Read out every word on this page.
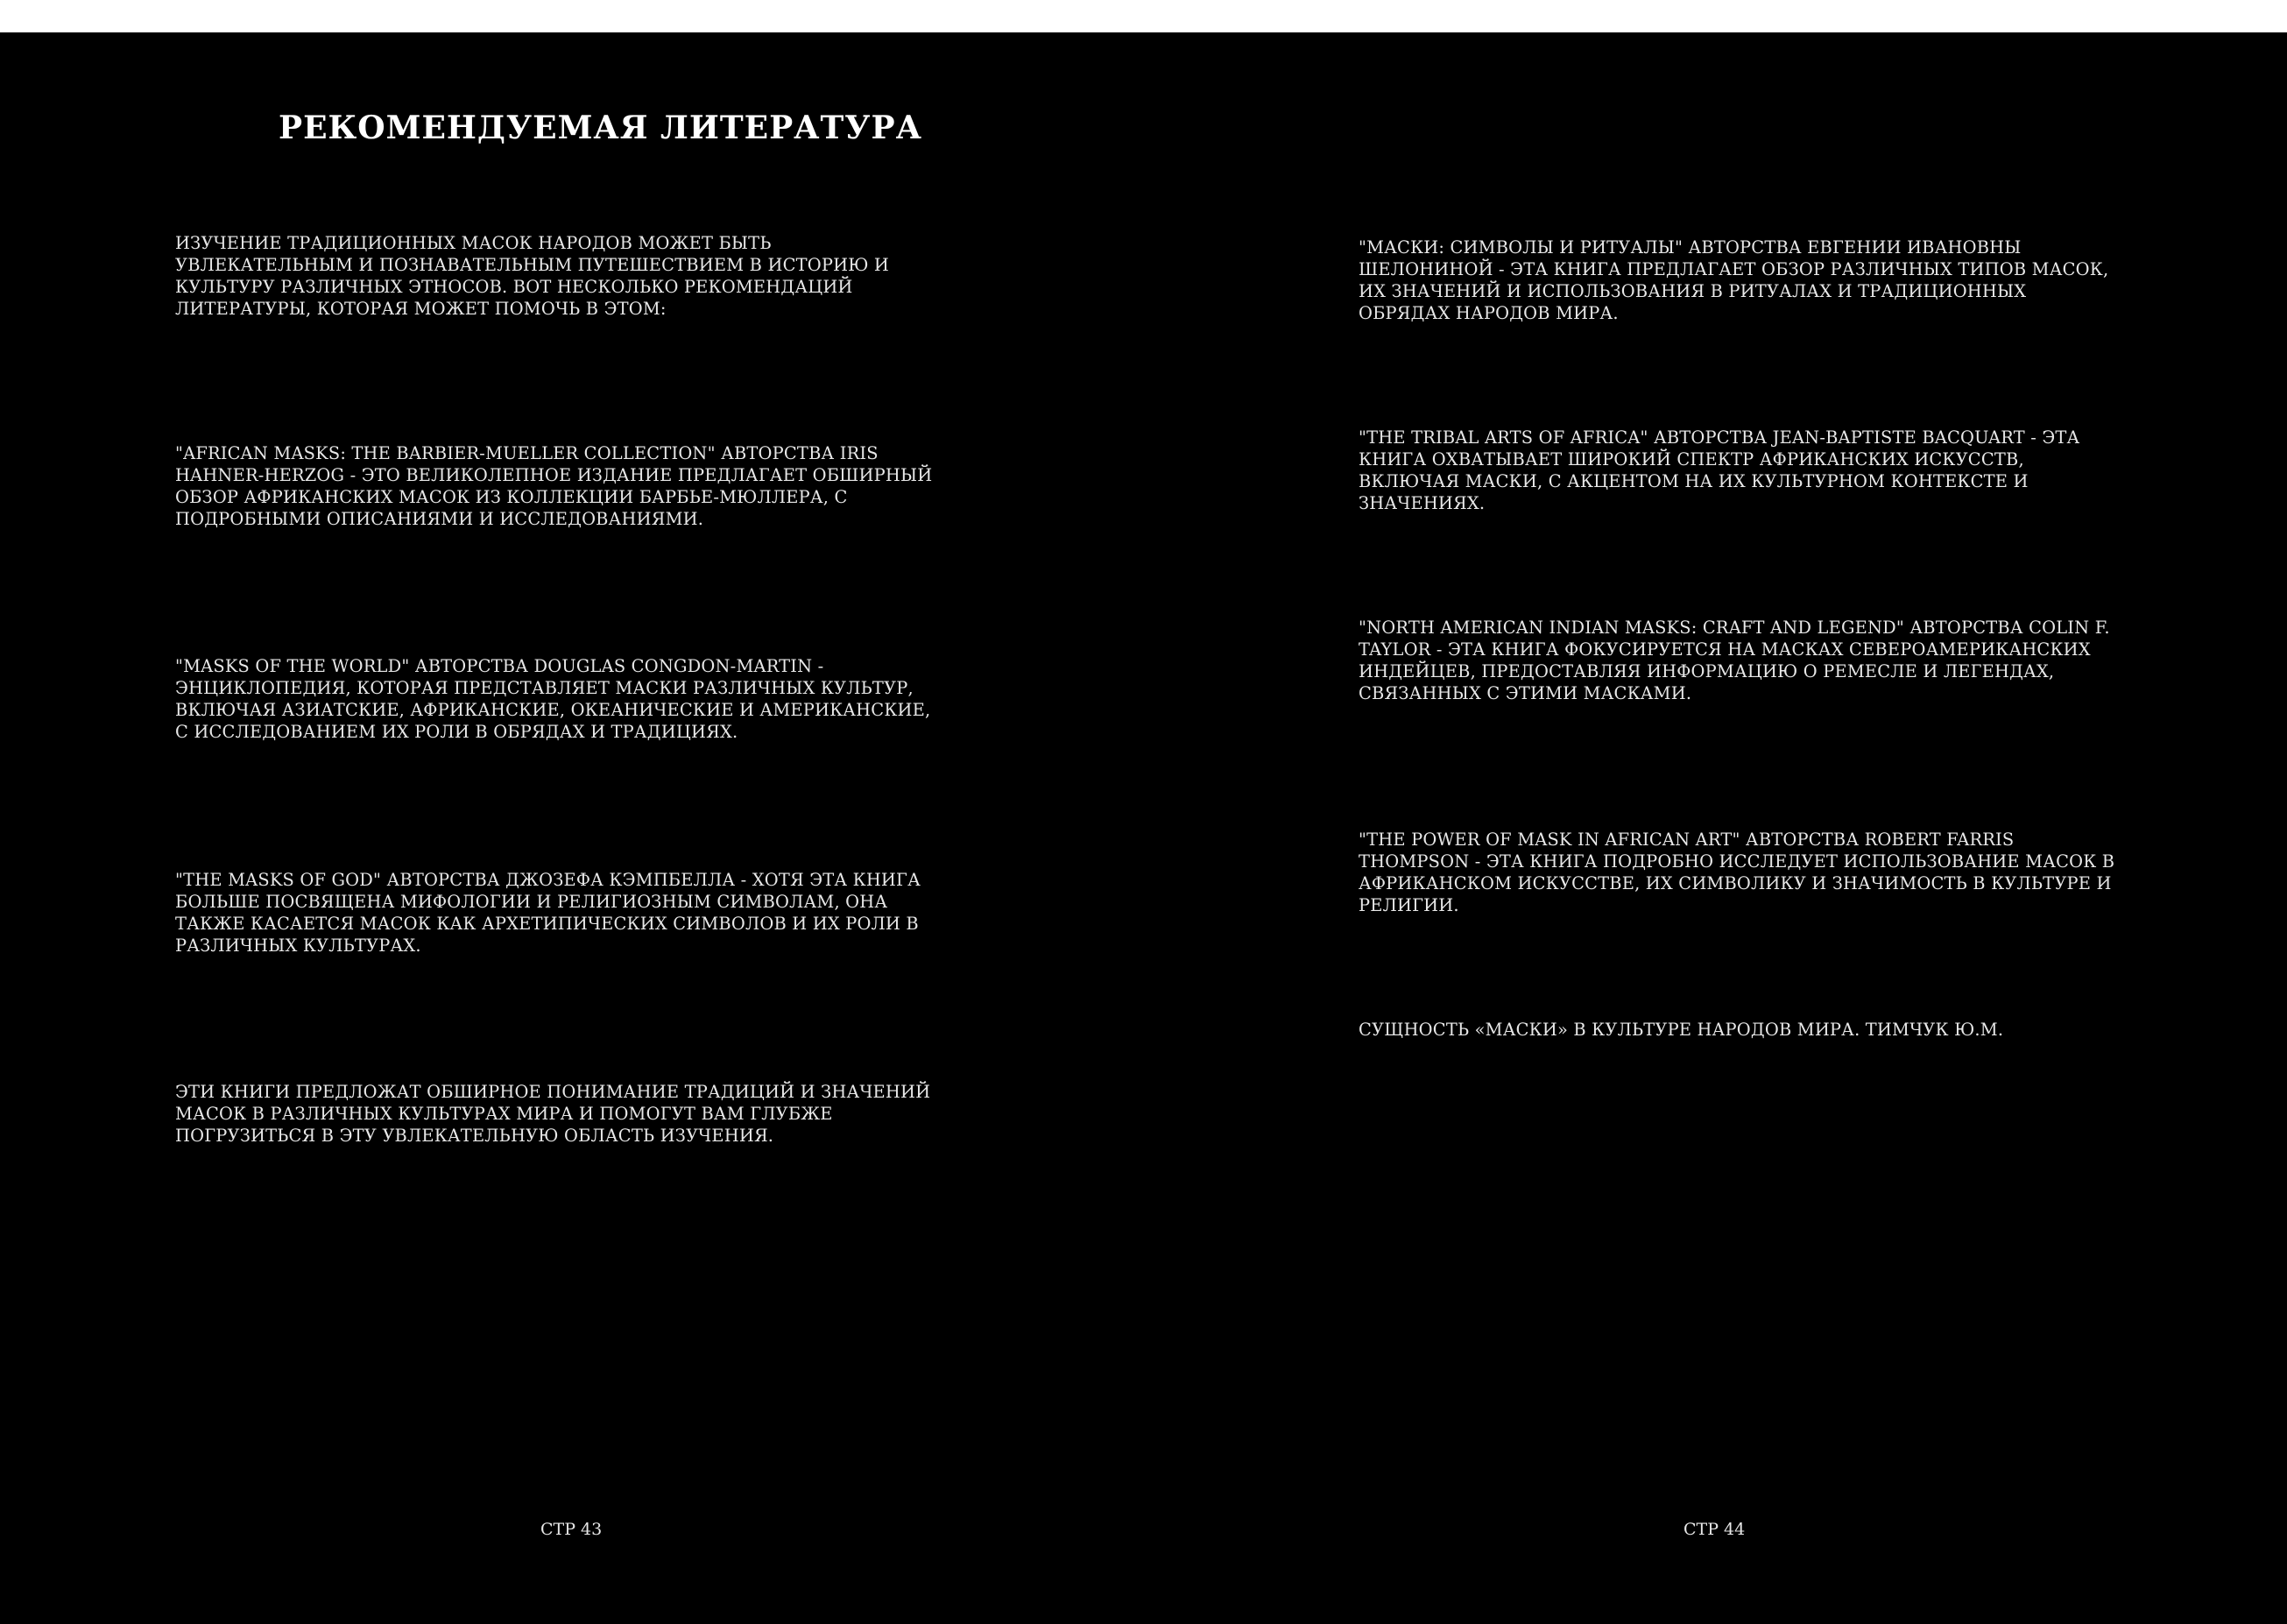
РЕКОМЕНДУЕМАЯ ЛИТЕРАТУРА

ИЗУЧЕНИЕ ТРАДИЦИОННЫХ МАСОК НАРОДОВ МОЖЕТ БЫТЬ УВЛЕКАТЕЛЬНЫМ И ПОЗНАВАТЕЛЬНЫМ ПУТЕШЕСТВИЕМ В ИСТОРИЮ И КУЛЬТУРУ РАЗЛИЧНЫХ ЭТНОСОВ. ВОТ НЕСКОЛЬКО РЕКОМЕНДАЦИЙ ЛИТЕРАТУРЫ, КОТОРАЯ МОЖЕТ ПОМОЧЬ В ЭТОМ:

"AFRICAN MASKS: THE BARBIER-MUELLER COLLECTION" АВТОРСТВА IRIS HAHNER-HERZOG - ЭТО ВЕЛИКОЛЕПНОЕ ИЗДАНИЕ ПРЕДЛАГАЕТ ОБШИРНЫЙ ОБЗОР АФРИКАНСКИХ МАСОК ИЗ КОЛЛЕКЦИИ БАРБЬЕ-МЮЛЛЕРА, С ПОДРОБНЫМИ ОПИСАНИЯМИ И ИССЛЕДОВАНИЯМИ.

"MASKS OF THE WORLD" АВТОРСТВА DOUGLAS CONGDON-MARTIN - ЭНЦИКЛОПЕДИЯ, КОТОРАЯ ПРЕДСТАВЛЯЕТ МАСКИ РАЗЛИЧНЫХ КУЛЬТУР, ВКЛЮЧАЯ АЗИАТСКИЕ, АФРИКАНСКИЕ, ОКЕАНИЧЕСКИЕ И АМЕРИКАНСКИЕ, С ИССЛЕДОВАНИЕМ ИХ РОЛИ В ОБРЯДАХ И ТРАДИЦИЯХ.

"THE MASKS OF GOD" АВТОРСТВА ДЖОЗЕФА КЭМПБЕЛЛА - ХОТЯ ЭТА КНИГА БОЛЬШЕ ПОСВЯЩЕНА МИФОЛОГИИ И РЕЛИГИОЗНЫМ СИМВОЛАМ, ОНА ТАКЖЕ КАСАЕТСЯ МАСОК КАК АРХЕТИПИЧЕСКИХ СИМВОЛОВ И ИХ РОЛИ В РАЗЛИЧНЫХ КУЛЬТУРАХ.

ЭТИ КНИГИ ПРЕДЛОЖАТ ОБШИРНОЕ ПОНИМАНИЕ ТРАДИЦИЙ И ЗНАЧЕНИЙ МАСОК В РАЗЛИЧНЫХ КУЛЬТУРАХ МИРА И ПОМОГУТ ВАМ ГЛУБЖЕ ПОГРУЗИТЬСЯ В ЭТУ УВЛЕКАТЕЛЬНУЮ ОБЛАСТЬ ИЗУЧЕНИЯ.

СТР 43

"МАСКИ: СИМВОЛЫ И РИТУАЛЫ" АВТОРСТВА ЕВГЕНИИ ИВАНОВНЫ ШЕЛОНИНОЙ - ЭТА КНИГА ПРЕДЛАГАЕТ ОБЗОР РАЗЛИЧНЫХ ТИПОВ МАСОК, ИХ ЗНАЧЕНИЙ И ИСПОЛЬЗОВАНИЯ В РИТУАЛАХ И ТРАДИЦИОННЫХ ОБРЯДАХ НАРОДОВ МИРА.

"THE TRIBAL ARTS OF AFRICA" АВТОРСТВА JEAN-BAPTISTE BACQUART - ЭТА КНИГА ОХВАТЫВАЕТ ШИРОКИЙ СПЕКТР АФРИКАНСКИХ ИСКУССТВ, ВКЛЮЧАЯ МАСКИ, С АКЦЕНТОМ НА ИХ КУЛЬТУРНОМ КОНТЕКСТЕ И ЗНАЧЕНИЯХ.

"NORTH AMERICAN INDIAN MASKS: CRAFT AND LEGEND" АВТОРСТВА COLIN F. TAYLOR - ЭТА КНИГА ФОКУСИРУЕТСЯ НА МАСКАХ СЕВЕРОАМЕРИКАНСКИХ ИНДЕЙЦЕВ, ПРЕДОСТАВЛЯЯ ИНФОРМАЦИЮ О РЕМЕСЛЕ И ЛЕГЕНДАХ, СВЯЗАННЫХ С ЭТИМИ МАСКАМИ.

"THE POWER OF MASK IN AFRICAN ART" АВТОРСТВА ROBERT FARRIS THOMPSON - ЭТА КНИГА ПОДРОБНО ИССЛЕДУЕТ ИСПОЛЬЗОВАНИЕ МАСОК В АФРИКАНСКОМ ИСКУССТВЕ, ИХ СИМВОЛИКУ И ЗНАЧИМОСТЬ В КУЛЬТУРЕ И РЕЛИГИИ.

СУЩНОСТЬ «МАСКИ» В КУЛЬТУРЕ НАРОДОВ МИРА. ТИМЧУК Ю.М.

СТР 44
